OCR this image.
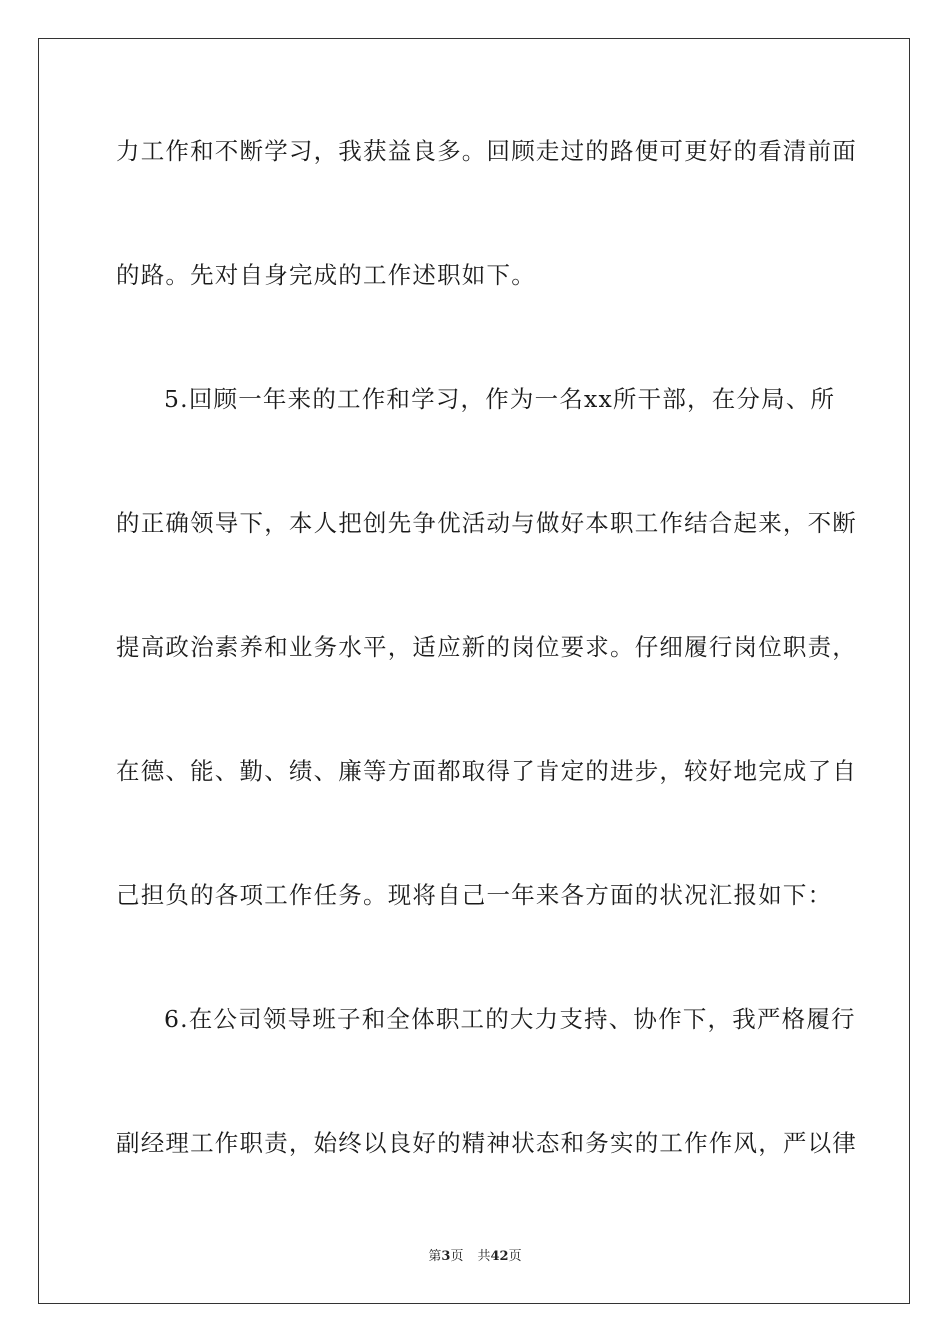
力工作和不断学习，我获益良多。回顾走过的路便可更好的看清前面
的路。先对自身完成的工作述职如下。
5.回顾一年来的工作和学习，作为一名xx所干部，在分局、所
的正确领导下，本人把创先争优活动与做好本职工作结合起来，不断
提高政治素养和业务水平，适应新的岗位要求。仔细履行岗位职责，
在德、能、勤、绩、廉等方面都取得了肯定的进步，较好地完成了自
己担负的各项工作任务。现将自己一年来各方面的状况汇报如下：
6.在公司领导班子和全体职工的大力支持、协作下，我严格履行
副经理工作职责，始终以良好的精神状态和务实的工作作风，严以律
第3页 共42页
